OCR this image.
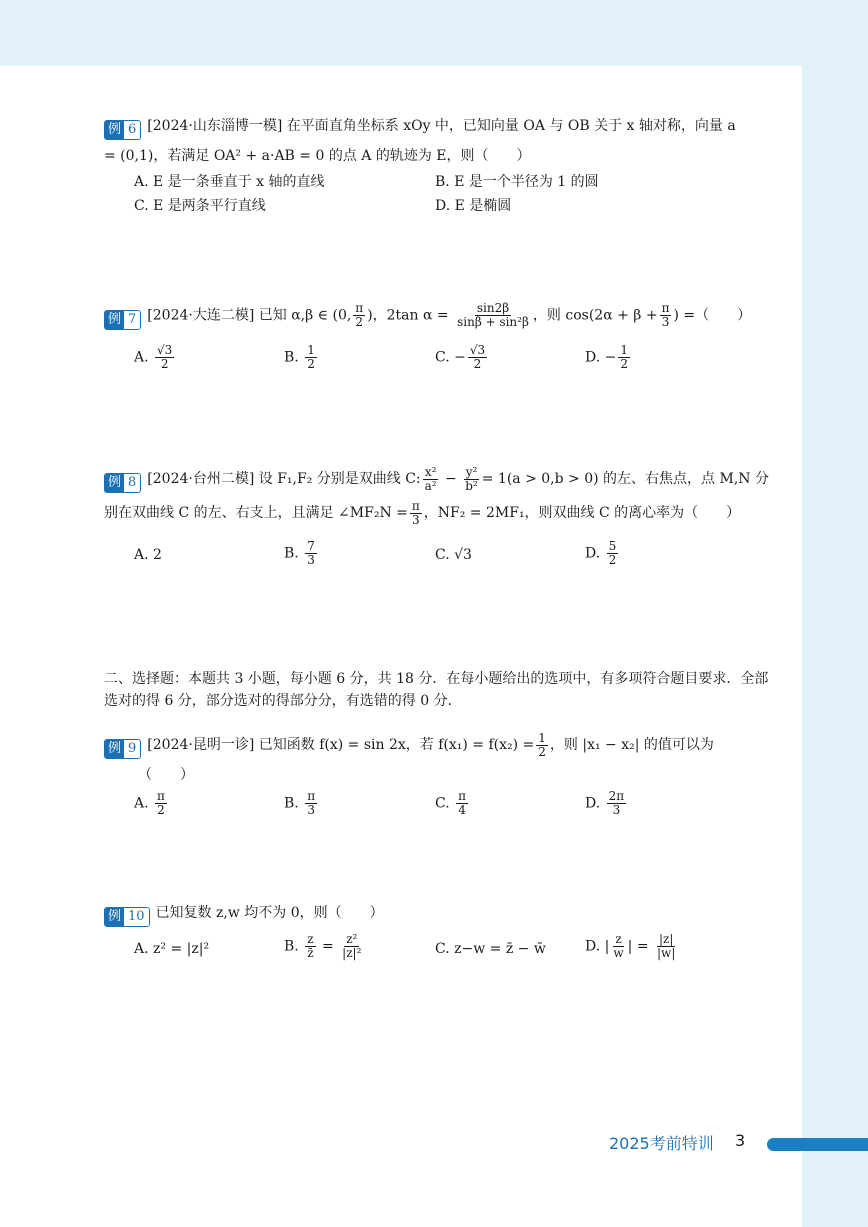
例 6 [2024·山东淄博一模] 在平面直角坐标系 xOy 中，已知向量 OA 与 OB 关于 x 轴对称，向量 a
= (0,1)，若满足 OA² + a·AB = 0 的点 A 的轨迹为 E，则（　　）
A. E 是一条垂直于 x 轴的直线	B. E 是一个半径为 1 的圆
C. E 是两条平行直线	D. E 是椭圆
例 7 [2024·大连二模] 已知 α,β ∈ (0, $\frac{\pi}{2}$ )，2tan $\alpha = \frac{\sin 2\beta}{\text{sinβ + sin²β}}$ ，则 $\cos(2\alpha + \beta + \frac{\pi}{3}$ ) =（　　）
A. $\frac{√3}{2}$	B. $\frac{1}{2}$	C. − $\frac{√3}{2}$	D. − $\frac{1}{2}$
例 8 [2024·台州二模] 设 F₁,F₂ 分别是双曲线 C: $\frac{\text{x²}}{\text{a²}} - \frac{\text{y²}}{\text{b²}} = 1(a > 0,b > 0)$ 的左、右焦点，点 M,N 分
别在双曲线 C 的左、右支上，且满足 ∠MF₂N = $\frac{\pi}{3}$ ，NF₂ = 2MF₁，则双曲线 C 的离心率为（　　）
A. 2	B. $\frac{7}{3}$	C. √3	D. $\frac{5}{2}$
二、选择题：本题共 3 小题，每小题 6 分，共 18 分．在每小题给出的选项中，有多项符合题目要求．全部选对的得 6 分，部分选对的得部分分，有选错的得 0 分．
例 9 [2024·昆明一诊] 已知函数 f(x) = sin 2x，若 $f(x_1) = f(x_2) = \frac{1}{2}$ ，则 |x₁ − x₂| 的值可以为
（　　）
A. $\frac{\pi}{2}$	B. $\frac{\pi}{3}$	C. $\frac{\pi}{4}$	D. $\frac{2\pi}{3}$
例 10 已知复数 z,w 均不为 0，则（　　）
A. z² = |z|²	B. $\frac{z}{z̄} = \frac{\text{z²}}{\text{|z|²}}$	C. z−w = z̄ − w̄	D. | $\frac{z}{w}$ | = $\frac{|z|}{|w|}$
2025考前特训 3
